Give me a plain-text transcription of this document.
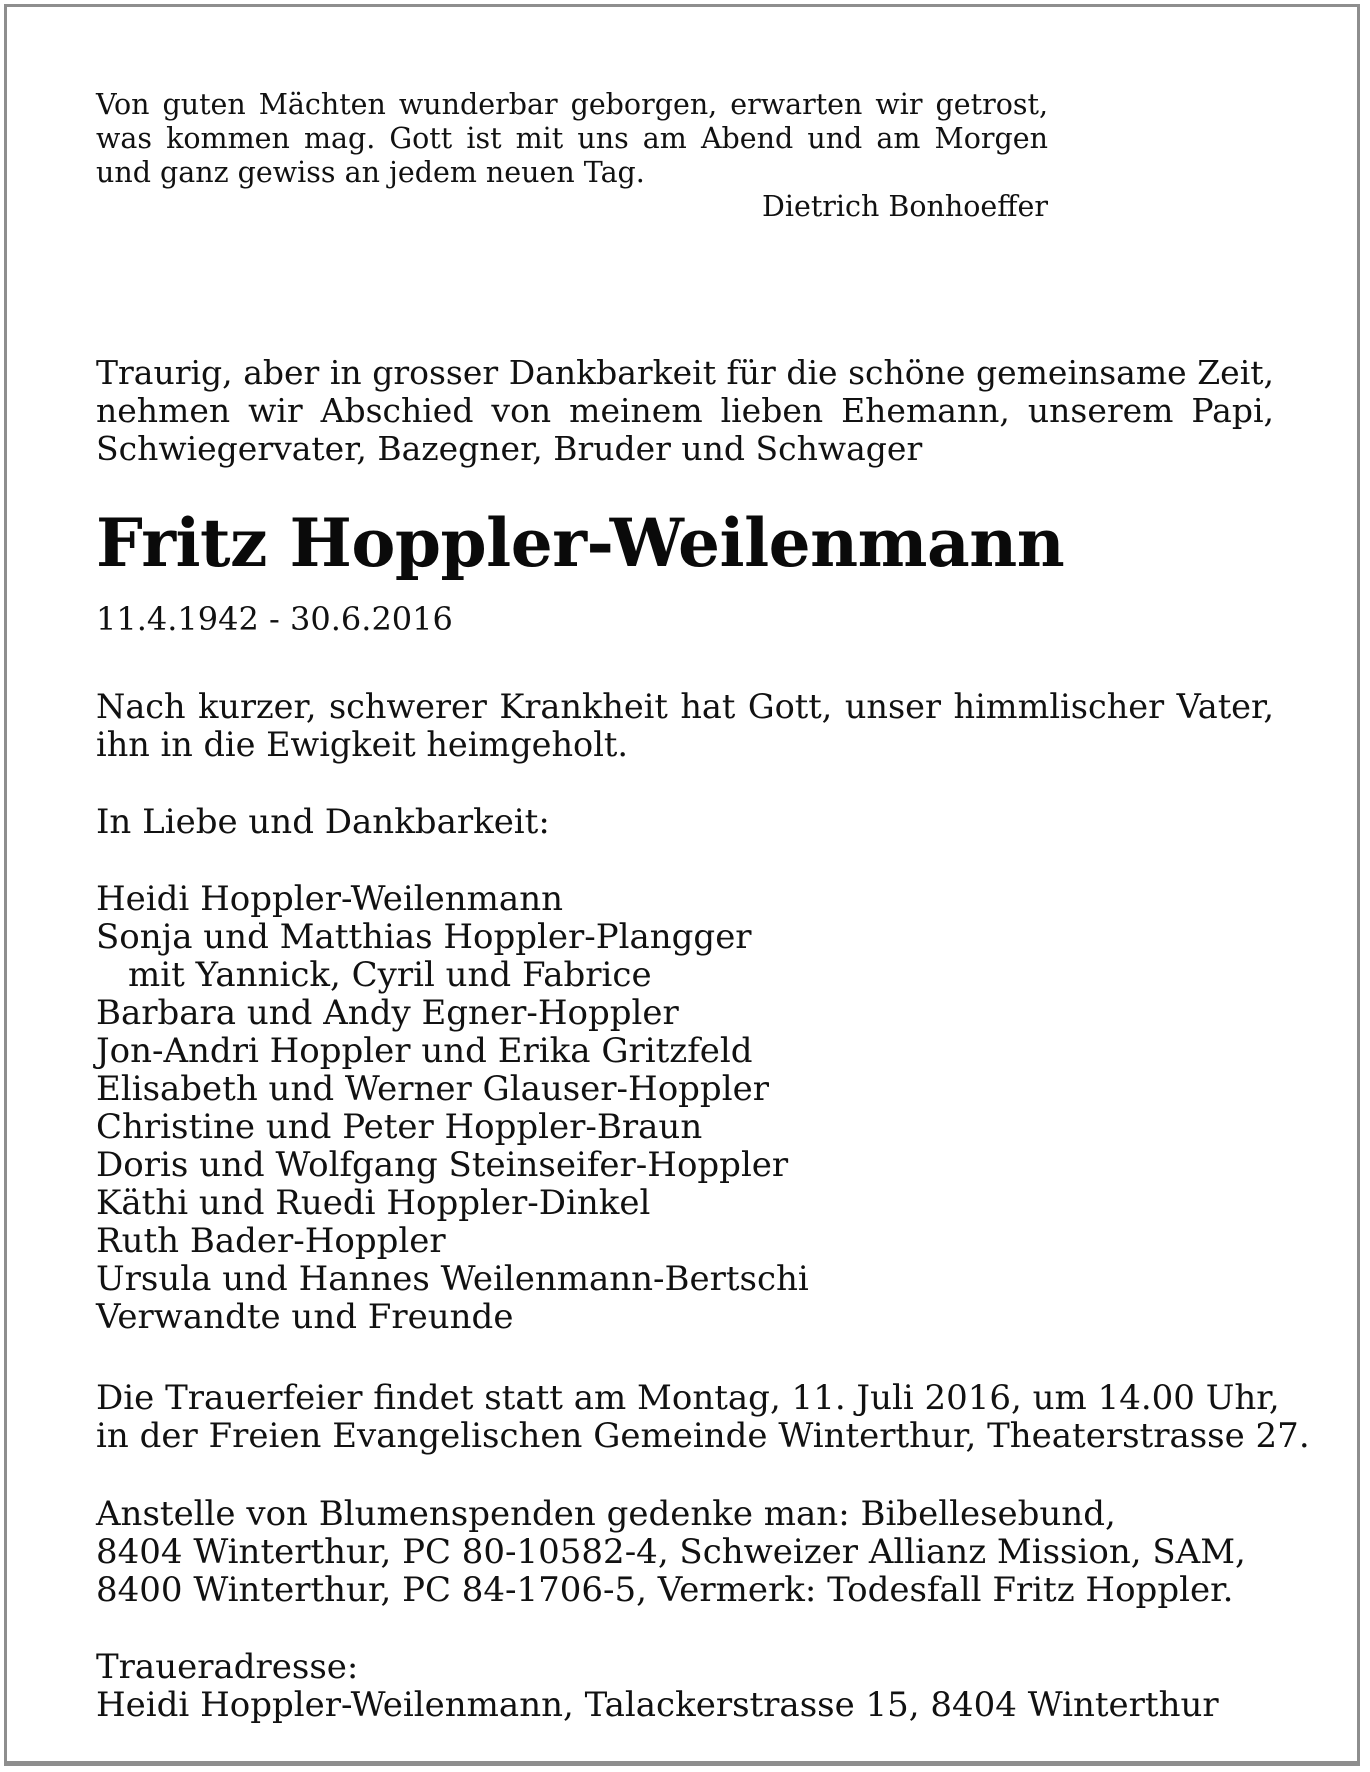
Von guten Mächten wunderbar geborgen, erwarten wir getrost,
was kommen mag. Gott ist mit uns am Abend und am Morgen
und ganz gewiss an jedem neuen Tag.
Dietrich Bonhoeffer
Traurig, aber in grosser Dankbarkeit für die schöne gemeinsame Zeit,
nehmen wir Abschied von meinem lieben Ehemann, unserem Papi,
Schwiegervater, Bazegner, Bruder und Schwager
Fritz Hoppler-Weilenmann
11.4.1942 - 30.6.2016
Nach kurzer, schwerer Krankheit hat Gott, unser himmlischer Vater,
ihn in die Ewigkeit heimgeholt.
In Liebe und Dankbarkeit:
Heidi Hoppler-Weilenmann
Sonja und Matthias Hoppler-Plangger
mit Yannick, Cyril und Fabrice
Barbara und Andy Egner-Hoppler
Jon-Andri Hoppler und Erika Gritzfeld
Elisabeth und Werner Glauser-Hoppler
Christine und Peter Hoppler-Braun
Doris und Wolfgang Steinseifer-Hoppler
Käthi und Ruedi Hoppler-Dinkel
Ruth Bader-Hoppler
Ursula und Hannes Weilenmann-Bertschi
Verwandte und Freunde
Die Trauerfeier findet statt am Montag, 11. Juli 2016, um 14.00 Uhr,
in der Freien Evangelischen Gemeinde Winterthur, Theaterstrasse 27.
Anstelle von Blumenspenden gedenke man: Bibellesebund,
8404 Winterthur, PC 80-10582-4, Schweizer Allianz Mission, SAM,
8400 Winterthur, PC 84-1706-5, Vermerk: Todesfall Fritz Hoppler.
Traueradresse:
Heidi Hoppler-Weilenmann, Talackerstrasse 15, 8404 Winterthur
